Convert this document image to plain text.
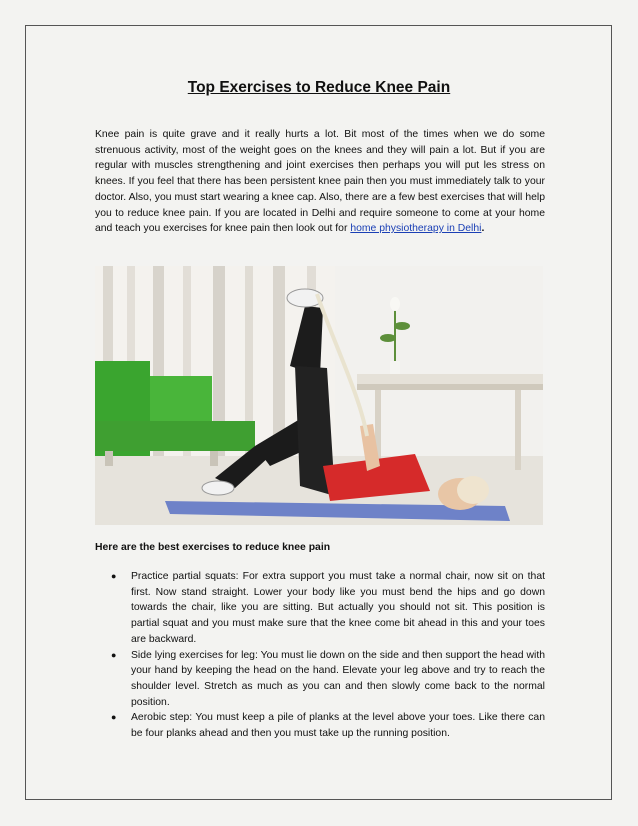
Top Exercises to Reduce Knee Pain

Knee pain is quite grave and it really hurts a lot. Bit most of the times when we do some strenuous activity, most of the weight goes on the knees and they will pain a lot. But if you are regular with muscles strengthening and joint exercises then perhaps you will put les stress on knees. If you feel that there has been persistent knee pain then you must immediately talk to your doctor. Also, you must start wearing a knee cap. Also, there are a few best exercises that will help you to reduce knee pain. If you are located in Delhi and require someone to come at your home and teach you exercises for knee pain then look out for home physiotherapy in Delhi.

Here are the best exercises to reduce knee pain
● Practice partial squats: For extra support you must take a normal chair, now sit on that first. Now stand straight. Lower your body like you must bend the hips and go down towards the chair, like you are sitting. But actually you should not sit. This position is partial squat and you must make sure that the knee come bit ahead in this and your toes are backward.
● Side lying exercises for leg: You must lie down on the side and then support the head with your hand by keeping the head on the hand. Elevate your leg above and try to reach the shoulder level. Stretch as much as you can and then slowly come back to the normal position.
● Aerobic step: You must keep a pile of planks at the level above your toes. Like there can be four planks ahead and then you must take up the running position.
